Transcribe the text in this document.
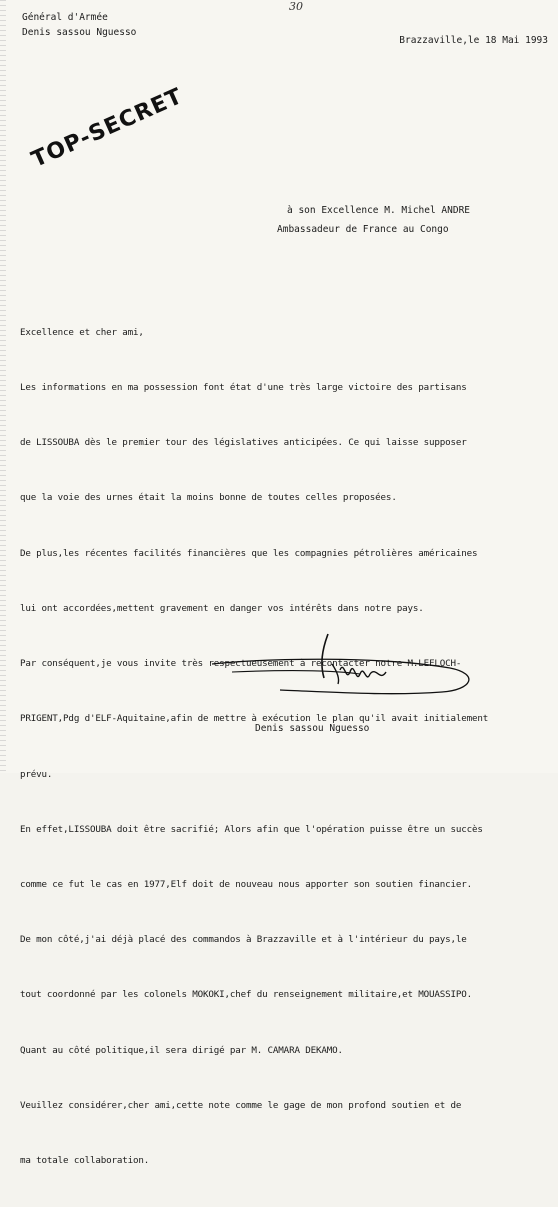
30
Général d'Armée
Denis sassou Nguesso
Brazzaville,le 18 Mai 1993
TOP-SECRET
à son Excellence M. Michel ANDRE
Ambassadeur de France au Congo

Excellence et cher ami,

Les informations en ma possession font état d'une très large victoire des partisans

de LISSOUBA dès le premier tour des législatives anticipées. Ce qui laisse supposer

que la voie des urnes était la moins bonne de toutes celles proposées.

De plus,les récentes facilités financières que les compagnies pétrolières américaines

lui ont accordées,mettent gravement en danger vos intérêts dans notre pays.

Par conséquent,je vous invite très respectueusement à recontacter notre M.LEFLOCH-

PRIGENT,Pdg d'ELF-Aquitaine,afin de mettre à exécution le plan qu'il avait initialement

prévu.

En effet,LISSOUBA doit être sacrifié; Alors afin que l'opération puisse être un succès

comme ce fut le cas en 1977,Elf doit de nouveau nous apporter son soutien financier.

De mon côté,j'ai déjà placé des commandos à Brazzaville et à l'intérieur du pays,le

tout coordonné par les colonels MOKOKI,chef du renseignement militaire,et MOUASSIPO.

Quant au côté politique,il sera dirigé par M. CAMARA DEKAMO.

Veuillez considérer,cher ami,cette note comme le gage de mon profond soutien et de

ma totale collaboration.

Denis sassou Nguesso
